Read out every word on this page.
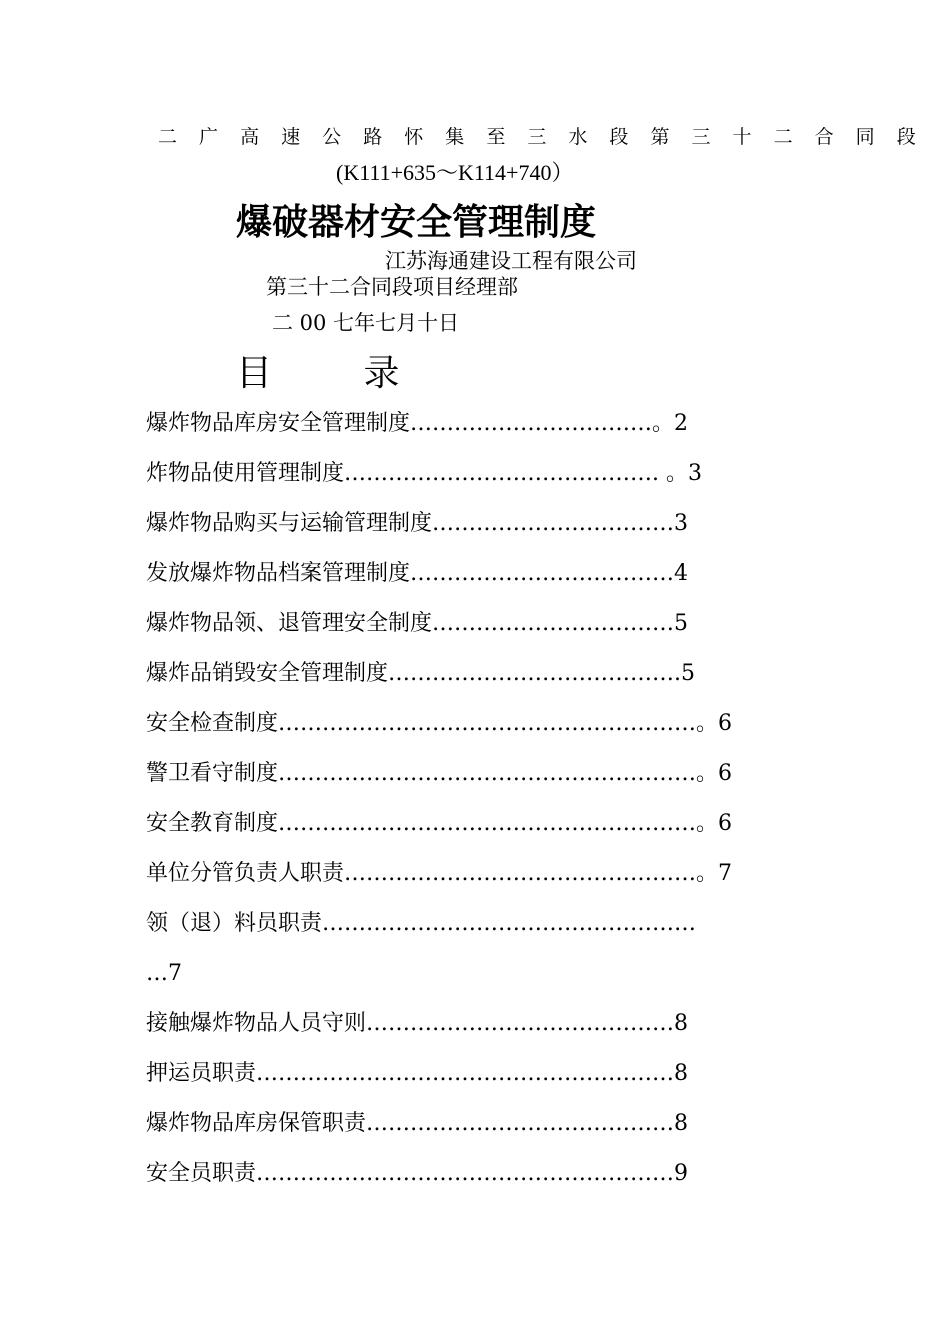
二 广 高 速 公 路 怀 集 至 三 水 段 第 三 十 二 合 同 段
(K111+635～K114+740）
爆破器材安全管理制度
江苏海通建设工程有限公司
第三十二合同段项目经理部
二 00 七年七月十日
目 录
爆炸物品库房安全管理制度……………………………。2
炸物品使用管理制度……………………………………. 。3
爆炸物品购买与运输管理制度……………………………3
发放爆炸物品档案管理制度………………………………4
爆炸物品领、退管理安全制度……………………………5
爆炸品销毁安全管理制度………………………………….5
安全检查制度…………………………………………………。6
警卫看守制度…………………………………………………。6
安全教育制度…………………………………………………。6
单位分管负责人职责…………………………………………。7
领（退）料员职责……………………………………………
…7
接触爆炸物品人员守则……………………………………8
押运员职责…………………………………………………8
爆炸物品库房保管职责……………………………………8
安全员职责…………………………………………………9
